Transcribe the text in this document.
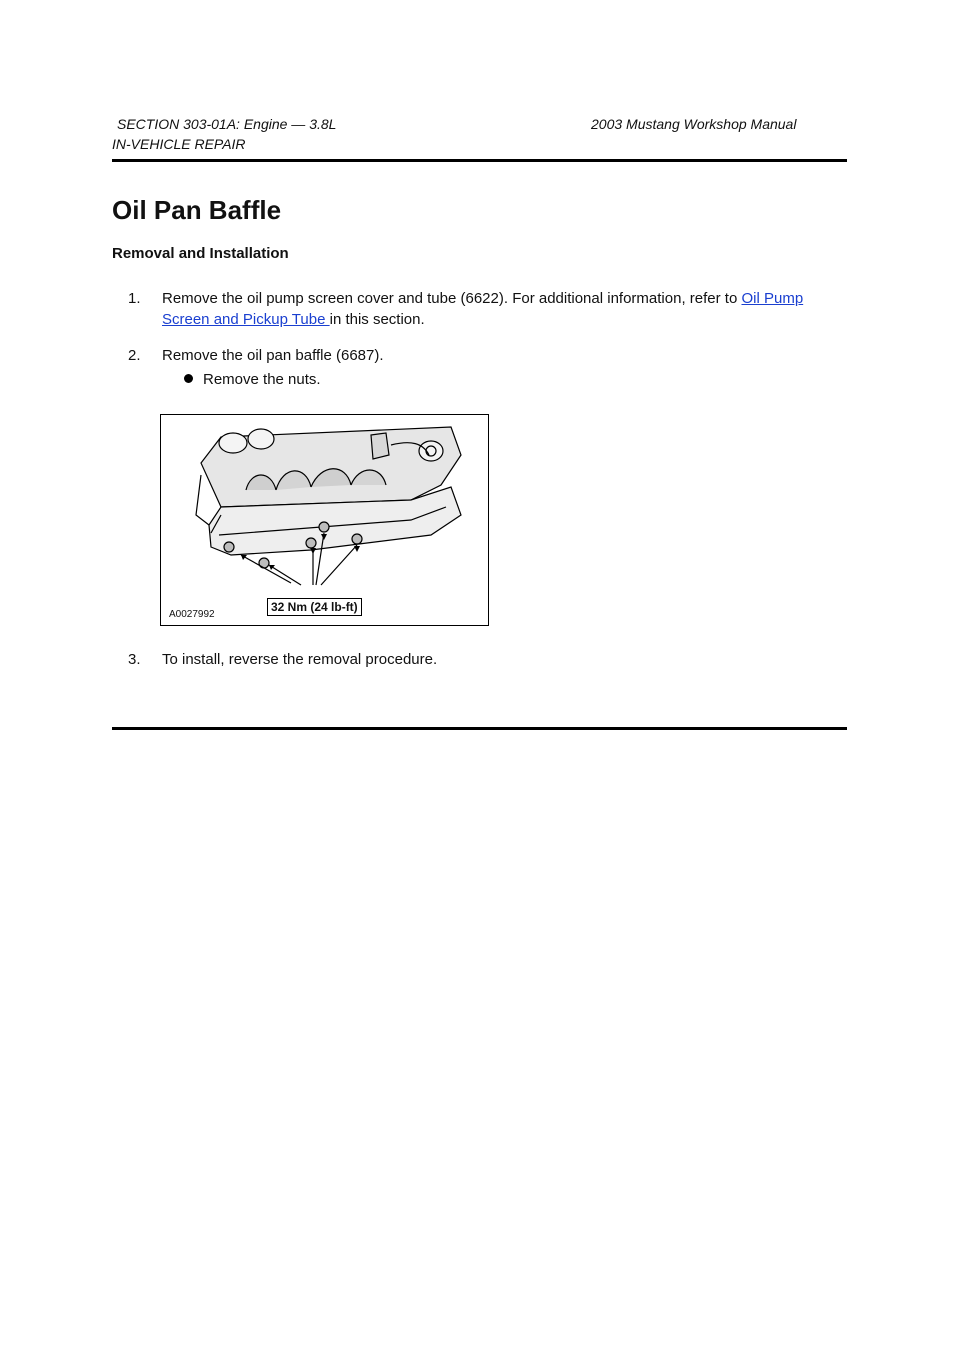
SECTION 303-01A: Engine — 3.8L	2003 Mustang Workshop Manual
IN-VEHICLE REPAIR
Oil Pan Baffle
Removal and Installation
1.	Remove the oil pump screen cover and tube (6622). For additional information, refer to Oil Pump Screen and Pickup Tube in this section.
2.	Remove the oil pan baffle (6687).
Remove the nuts.
A0027992
32 Nm (24 lb-ft)
3.	To install, reverse the removal procedure.
